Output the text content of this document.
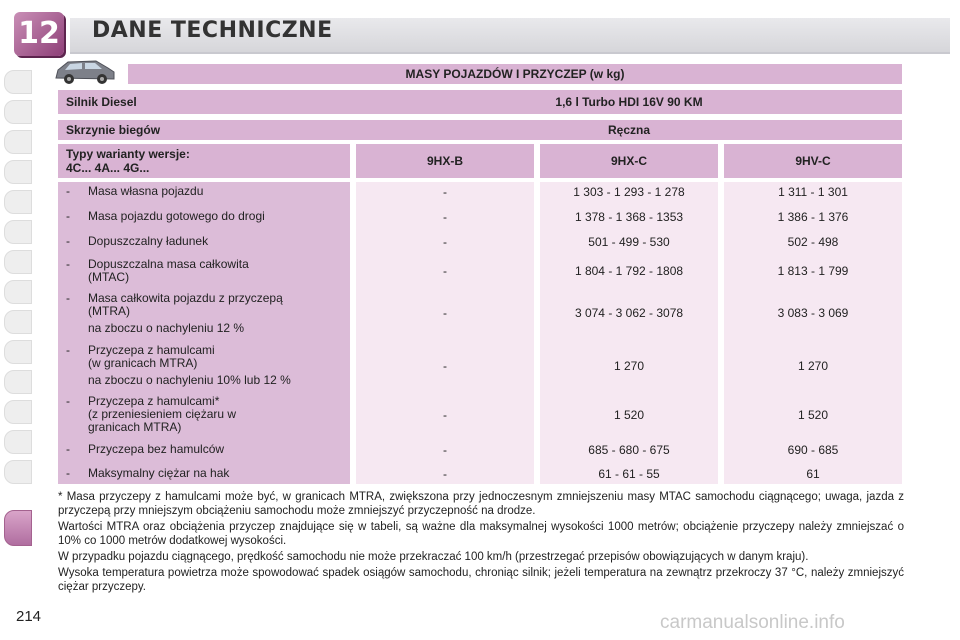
12 DANE TECHNICZNE
MASY POJAZDÓW I PRZYCZEP (w kg)
Silnik Diesel	1,6 l Turbo HDI 16V 90 KM
Skrzynie biegów	Ręczna
Typy warianty wersje:
4C... 4A... 4G...	9HX-B	9HX-C	9HV-C
- Masa własna pojazdu	-	1 303 - 1 293 - 1 278	1 311 - 1 301
- Masa pojazdu gotowego do drogi	-	1 378 - 1 368 - 1353	1 386 - 1 376
- Dopuszczalny ładunek	-	501 - 499 - 530	502 - 498
- Dopuszczalna masa całkowita
(MTAC)	-	1 804 - 1 792 - 1808	1 813 - 1 799
- Masa całkowita pojazdu z przyczepą
(MTRA)
na zboczu o nachyleniu 12 %
-	3 074 - 3 062 - 3078	3 083 - 3 069
- Przyczepa z hamulcami
(w granicach MTRA)
na zboczu o nachyleniu 10% lub 12 %
-	1 270	1 270
- Przyczepa z hamulcami*
(z przeniesieniem ciężaru w
granicach MTRA)
-	1 520	1 520
- Przyczepa bez hamulców	-	685 - 680 - 675	690 - 685
- Maksymalny ciężar na hak	-	61 - 61 - 55	61

* Masa przyczepy z hamulcami może być, w granicach MTRA, zwiększona przy jednoczesnym zmniejszeniu masy MTAC samochodu ciągnącego; uwaga, jazda z przyczepą przy mniejszym obciążeniu samochodu może zmniejszyć przyczepność na drodze.

Wartości MTRA oraz obciążenia przyczep znajdujące się w tabeli, są ważne dla maksymalnej wysokości 1000 metrów; obciążenie przyczepy należy zmniejszać o 10% co 1000 metrów dodatkowej wysokości.

W przypadku pojazdu ciągnącego, prędkość samochodu nie może przekraczać 100 km/h (przestrzegać przepisów obowiązujących w danym kraju).

Wysoka temperatura powietrza może spowodować spadek osiągów samochodu, chroniąc silnik; jeżeli temperatura na zewnątrz przekroczy 37 °C, należy zmniejszyć ciężar przyczepy.

214	carmanualsonline.info
